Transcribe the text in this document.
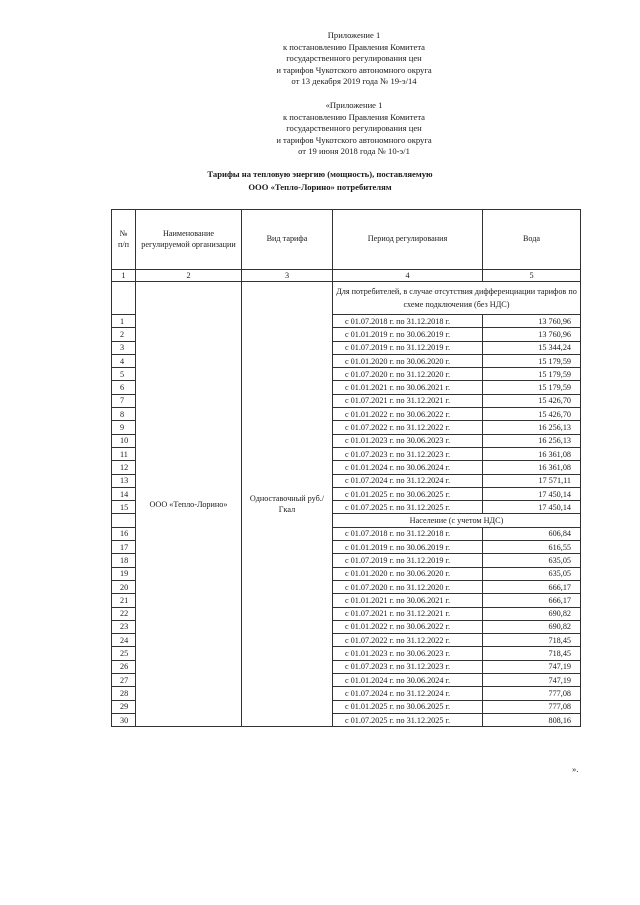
Приложение 1
к постановлению Правления Комитета
государственного регулирования цен
и тарифов Чукотского автономного округа
от 13 декабря 2019 года № 19-э/14
«Приложение 1
к постановлению Правления Комитета
государственного регулирования цен
и тарифов Чукотского автономного округа
от 19 июня 2018 года № 10-э/1
Тарифы на тепловую энергию (мощность), поставляемую
ООО «Тепло-Лорино» потребителям
№ п/п	Наименование регулируемой организации	Вид тарифа	Период регулирования	Вода
1	2	3	4	5
	ООО «Тепло-Лорино»	Одноставочный руб./Гкал	Для потребителей, в случае отсутствия дифференциации тарифов по схеме подключения (без НДС)	
1			с 01.07.2018 г. по 31.12.2018 г.	13 760,96
2			с 01.01.2019 г. по 30.06.2019 г.	13 760,96
3			с 01.07.2019 г. по 31.12.2019 г.	15 344,24
4			с 01.01.2020 г. по 30.06.2020 г.	15 179,59
5			с 01.07.2020 г. по 31.12.2020 г.	15 179,59
6			с 01.01.2021 г. по 30.06.2021 г.	15 179,59
7			с 01.07.2021 г. по 31.12.2021 г.	15 426,70
8			с 01.01.2022 г. по 30.06.2022 г.	15 426,70
9			с 01.07.2022 г. по 31.12.2022 г.	16 256,13
10			с 01.01.2023 г. по 30.06.2023 г.	16 256,13
11			с 01.07.2023 г. по 31.12.2023 г.	16 361,08
12			с 01.01.2024 г. по 30.06.2024 г.	16 361,08
13			с 01.07.2024 г. по 31.12.2024 г.	17 571,11
14			с 01.01.2025 г. по 30.06.2025 г.	17 450,14
15			с 01.07.2025 г. по 31.12.2025 г.	17 450,14
			Население (с учетом НДС)	
16			с 01.07.2018 г. по 31.12.2018 г.	606,84
17			с 01.01.2019 г. по 30.06.2019 г.	616,55
18			с 01.07.2019 г. по 31.12.2019 г.	635,05
19			с 01.01.2020 г. по 30.06.2020 г.	635,05
20			с 01.07.2020 г. по 31.12.2020 г.	666,17
21			с 01.01.2021 г. по 30.06.2021 г.	666,17
22			с 01.07.2021 г. по 31.12.2021 г.	690,82
23			с 01.01.2022 г. по 30.06.2022 г.	690,82
24			с 01.07.2022 г. по 31.12.2022 г.	718,45
25			с 01.01.2023 г. по 30.06.2023 г.	718,45
26			с 01.07.2023 г. по 31.12.2023 г.	747,19
27			с 01.01.2024 г. по 30.06.2024 г.	747,19
28			с 01.07.2024 г. по 31.12.2024 г.	777,08
29			с 01.01.2025 г. по 30.06.2025 г.	777,08
30			с 01.07.2025 г. по 31.12.2025 г.	808,16
».
